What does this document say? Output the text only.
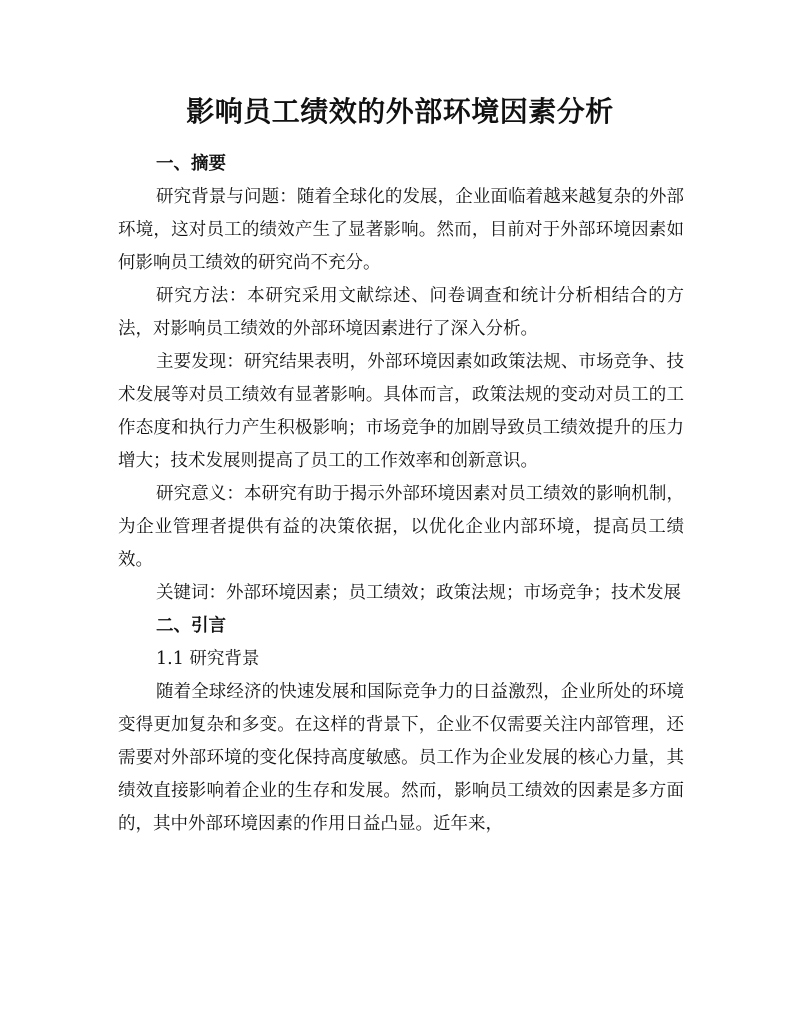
影响员工绩效的外部环境因素分析

一、摘要

研究背景与问题：随着全球化的发展，企业面临着越来越复杂的外部环境，这对员工的绩效产生了显著影响。然而，目前对于外部环境因素如何影响员工绩效的研究尚不充分。

研究方法：本研究采用文献综述、问卷调查和统计分析相结合的方法，对影响员工绩效的外部环境因素进行了深入分析。

主要发现：研究结果表明，外部环境因素如政策法规、市场竞争、技术发展等对员工绩效有显著影响。具体而言，政策法规的变动对员工的工作态度和执行力产生积极影响；市场竞争的加剧导致员工绩效提升的压力增大；技术发展则提高了员工的工作效率和创新意识。

研究意义：本研究有助于揭示外部环境因素对员工绩效的影响机制，为企业管理者提供有益的决策依据，以优化企业内部环境，提高员工绩效。

关键词：外部环境因素；员工绩效；政策法规；市场竞争；技术发展

二、引言

1.1 研究背景

随着全球经济的快速发展和国际竞争力的日益激烈，企业所处的环境变得更加复杂和多变。在这样的背景下，企业不仅需要关注内部管理，还需要对外部环境的变化保持高度敏感。员工作为企业发展的核心力量，其绩效直接影响着企业的生存和发展。然而，影响员工绩效的因素是多方面的，其中外部环境因素的作用日益凸显。近年来，
